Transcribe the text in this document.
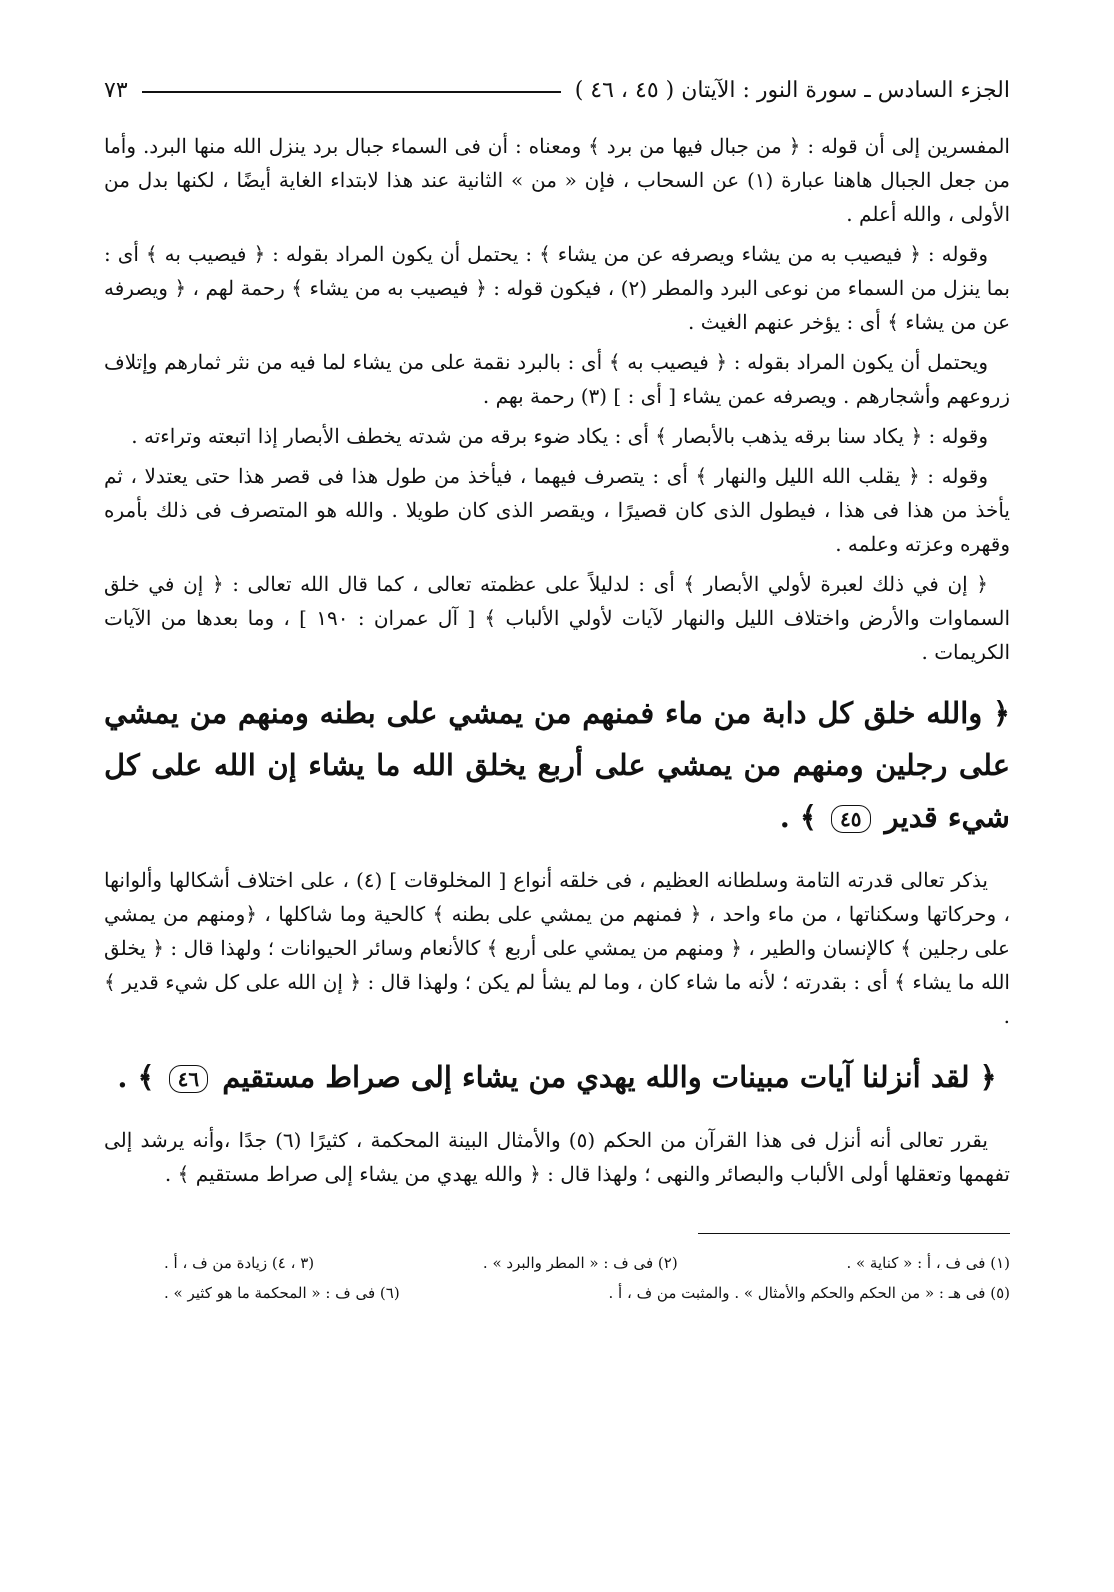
الجزء السادس ـ سورة النور : الآيتان ( ٤٥ ، ٤٦ )
٧٣

المفسرين إلى أن قوله : ﴿ من جبال فيها من برد ﴾ ومعناه : أن فى السماء جبال برد ينزل الله منها البرد. وأما من جعل الجبال هاهنا عبارة (١) عن السحاب ، فإن « من » الثانية عند هذا لابتداء الغاية أيضًا ، لكنها بدل من الأولى ، والله أعلم .

وقوله : ﴿ فيصيب به من يشاء ويصرفه عن من يشاء ﴾ : يحتمل أن يكون المراد بقوله : ﴿ فيصيب به ﴾ أى : بما ينزل من السماء من نوعى البرد والمطر (٢) ، فيكون قوله : ﴿ فيصيب به من يشاء ﴾ رحمة لهم ، ﴿ ويصرفه عن من يشاء ﴾ أى : يؤخر عنهم الغيث .

ويحتمل أن يكون المراد بقوله : ﴿ فيصيب به ﴾ أى : بالبرد نقمة على من يشاء لما فيه من نثر ثمارهم وإتلاف زروعهم وأشجارهم . ويصرفه عمن يشاء [ أى : ] (٣) رحمة بهم .

وقوله : ﴿ يكاد سنا برقه يذهب بالأبصار ﴾ أى : يكاد ضوء برقه من شدته يخطف الأبصار إذا اتبعته وتراءته .

وقوله : ﴿ يقلب الله الليل والنهار ﴾ أى : يتصرف فيهما ، فيأخذ من طول هذا فى قصر هذا حتى يعتدلا ، ثم يأخذ من هذا فى هذا ، فيطول الذى كان قصيرًا ، ويقصر الذى كان طويلا . والله هو المتصرف فى ذلك بأمره وقهره وعزته وعلمه .

﴿ إن في ذلك لعبرة لأولي الأبصار ﴾ أى : لدليلاً على عظمته تعالى ، كما قال الله تعالى : ﴿ إن في خلق السماوات والأرض واختلاف الليل والنهار لآيات لأولي الألباب ﴾ [ آل عمران : ١٩٠ ] ، وما بعدها من الآيات الكريمات .

﴿ والله خلق كل دابة من ماء فمنهم من يمشي على بطنه ومنهم من يمشي على رجلين ومنهم من يمشي على أربع يخلق الله ما يشاء إن الله على كل شيء قدير ٤٥ ﴾ .

يذكر تعالى قدرته التامة وسلطانه العظيم ، فى خلقه أنواع [ المخلوقات ] (٤) ، على اختلاف أشكالها وألوانها ، وحركاتها وسكناتها ، من ماء واحد ، ﴿ فمنهم من يمشي على بطنه ﴾ كالحية وما شاكلها ، ﴿ومنهم من يمشي على رجلين ﴾ كالإنسان والطير ، ﴿ ومنهم من يمشي على أربع ﴾ كالأنعام وسائر الحيوانات ؛ ولهذا قال : ﴿ يخلق الله ما يشاء ﴾ أى : بقدرته ؛ لأنه ما شاء كان ، وما لم يشأ لم يكن ؛ ولهذا قال : ﴿ إن الله على كل شيء قدير ﴾ .

﴿ لقد أنزلنا آيات مبينات والله يهدي من يشاء إلى صراط مستقيم ٤٦ ﴾ .

يقرر تعالى أنه أنزل فى هذا القرآن من الحكم (٥) والأمثال البينة المحكمة ، كثيرًا (٦) جدًا ،وأنه يرشد إلى تفهمها وتعقلها أولى الألباب والبصائر والنهى ؛ ولهذا قال : ﴿ والله يهدي من يشاء إلى صراط مستقيم ﴾ .

(١) فى ف ، أ : « كناية » .
(٢) فى ف : « المطر والبرد » .
(٣ ، ٤) زيادة من ف ، أ .
(٥) فى هـ : « من الحكم والحكم والأمثال » . والمثبت من ف ، أ .
(٦) فى ف : « المحكمة ما هو كثير » .
